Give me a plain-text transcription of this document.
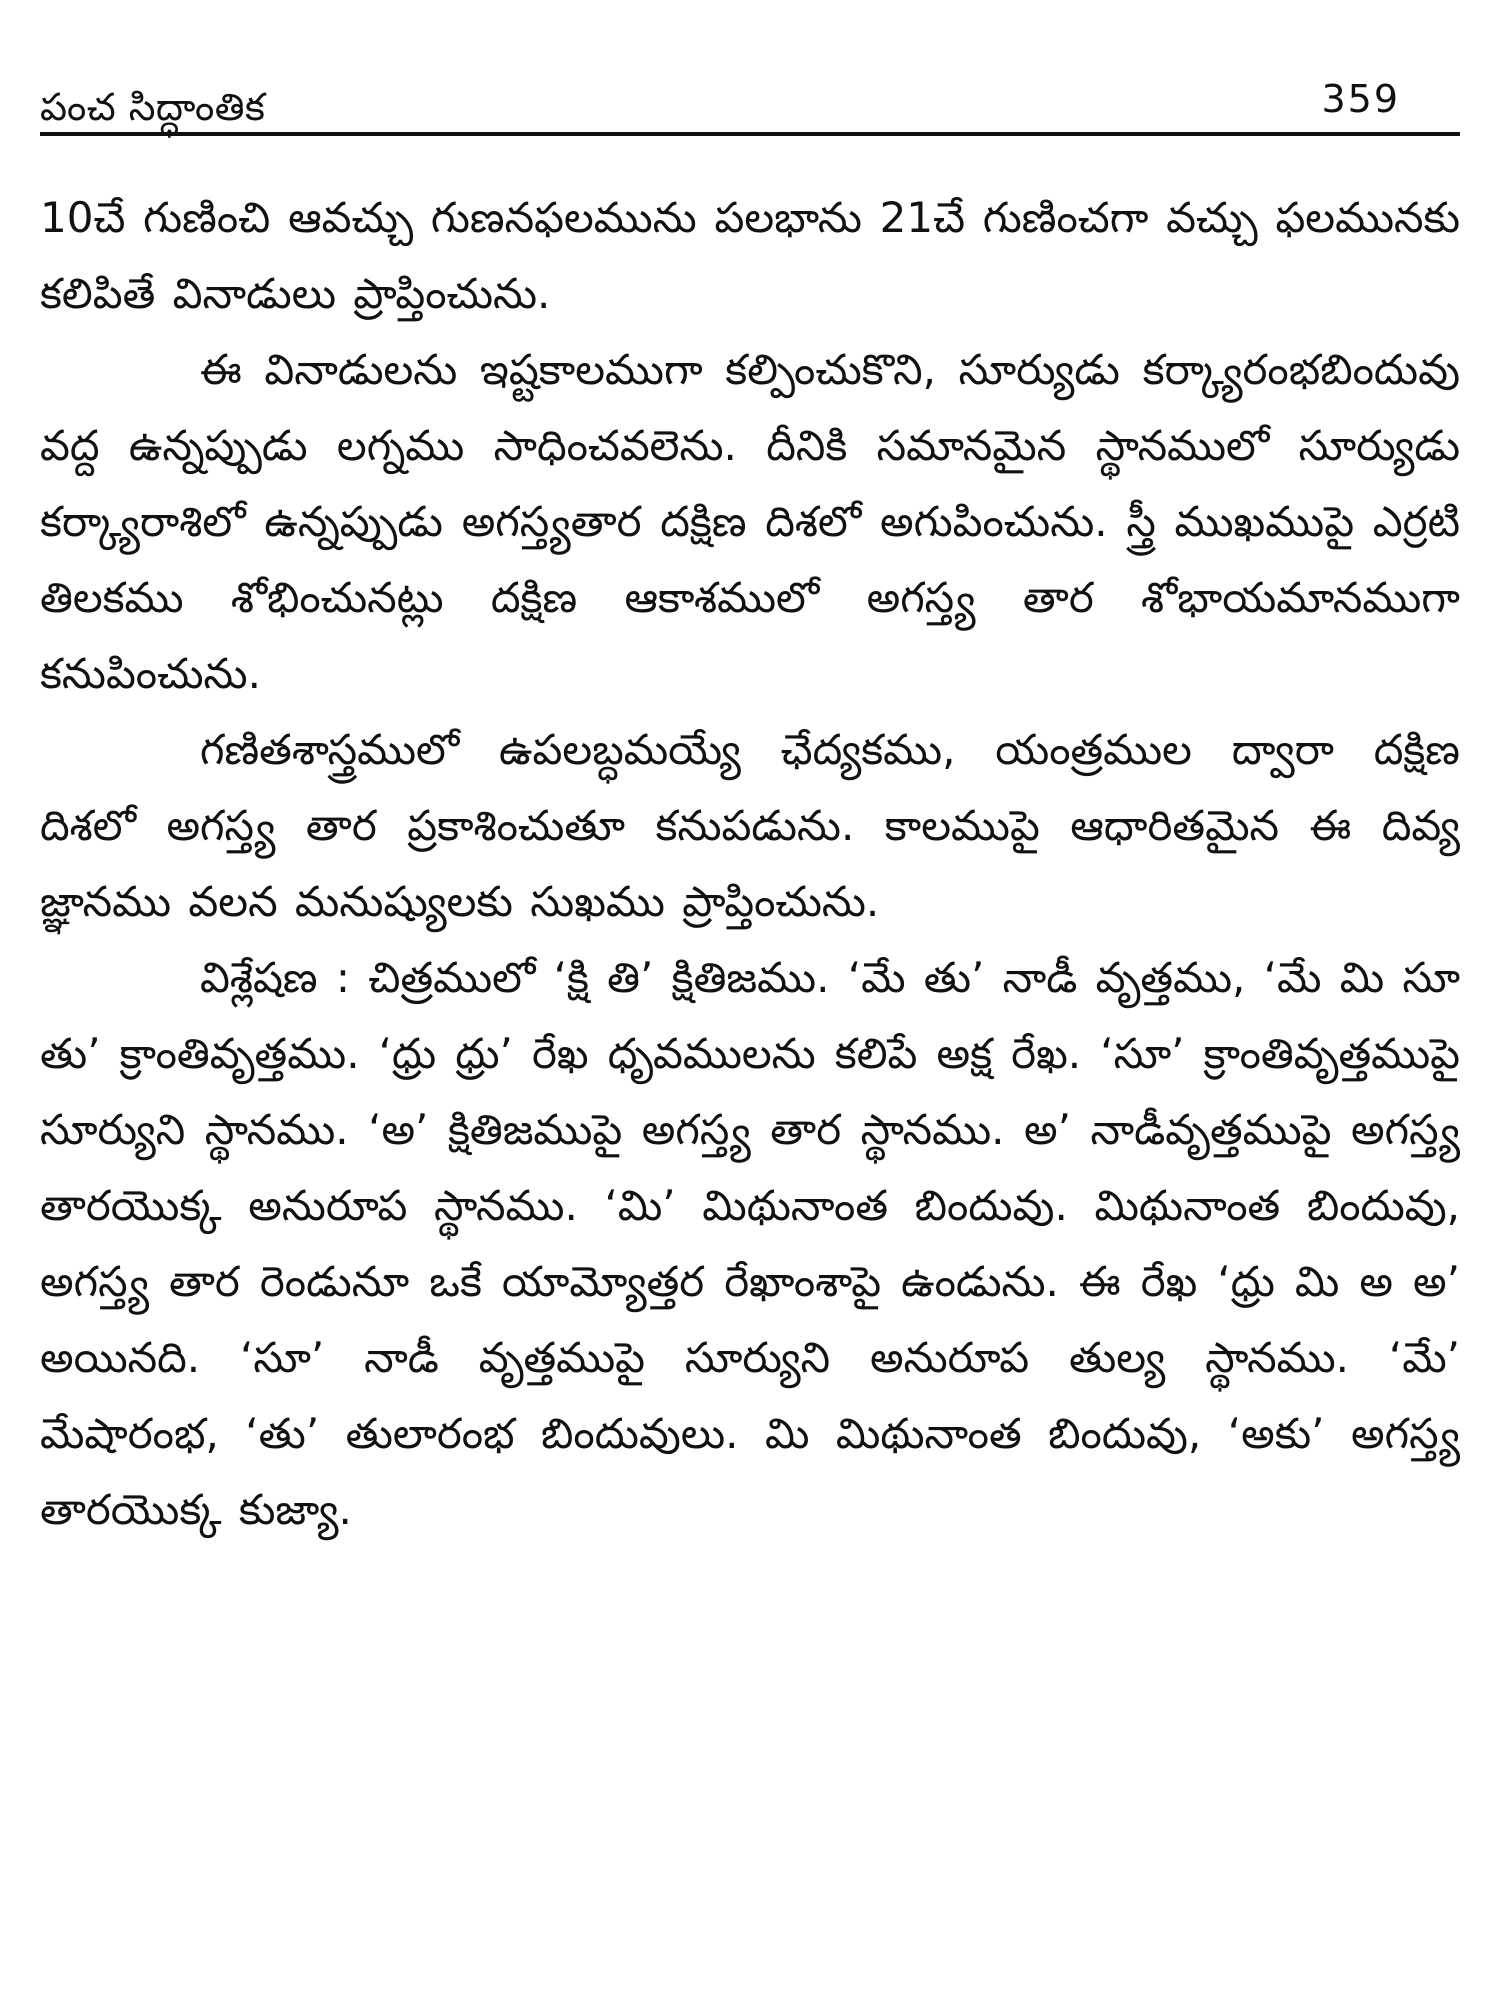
పంచ సిద్ధాంతిక	359

10చే గుణించి ఆవచ్చు గుణనఫలమును పలభాను 21చే గుణించగా వచ్చు ఫలమునకు కలిపితే వినాడులు ప్రాప్తించును.

ఈ వినాడులను ఇష్టకాలముగా కల్పించుకొని, సూర్యుడు కర్క్యారంభబిందువు వద్ద ఉన్నప్పుడు లగ్నము సాధించవలెను. దీనికి సమానమైన స్థానములో సూర్యుడు కర్క్యారాశిలో ఉన్నప్పుడు అగస్త్యతార దక్షిణ దిశలో అగుపించును. స్త్రీ ముఖముపై ఎర్రటి తిలకము శోభించునట్లు దక్షిణ ఆకాశములో అగస్త్య తార శోభాయమానముగా కనుపించును.

గణితశాస్త్రములో ఉపలబ్ధమయ్యే ఛేద్యకము, యంత్రముల ద్వారా దక్షిణ దిశలో అగస్త్య తార ప్రకాశించుతూ కనుపడును. కాలముపై ఆధారితమైన ఈ దివ్య జ్ఞానము వలన మనుష్యులకు సుఖము ప్రాప్తించును.

విశ్లేషణ : చిత్రములో ‘క్షి తి’ క్షితిజము. ‘మే తు’ నాడీ వృత్తము, ‘మే మి సూ తు’ క్రాంతివృత్తము. ‘ధ్రు ధ్రు’ రేఖ ధృవములను కలిపే అక్ష రేఖ. ‘సూ’ క్రాంతివృత్తముపై సూర్యుని స్థానము. ‘అ’ క్షితిజముపై అగస్త్య తార స్థానము. అ’ నాడీవృత్తముపై అగస్త్య తారయొక్క అనురూప స్థానము. ‘మి’ మిథునాంత బిందువు. మిథునాంత బిందువు, అగస్త్య తార రెండునూ ఒకే యామ్యోత్తర రేఖాంశాపై ఉండును. ఈ రేఖ ‘ధ్రు మి అ అ’ అయినది. ‘సూ’ నాడీ వృత్తముపై సూర్యుని అనురూప తుల్య స్థానము. ‘మే’ మేషారంభ, ‘తు’ తులారంభ బిందువులు. మి మిథునాంత బిందువు, ‘అకు’ అగస్త్య తారయొక్క కుజ్యా.
